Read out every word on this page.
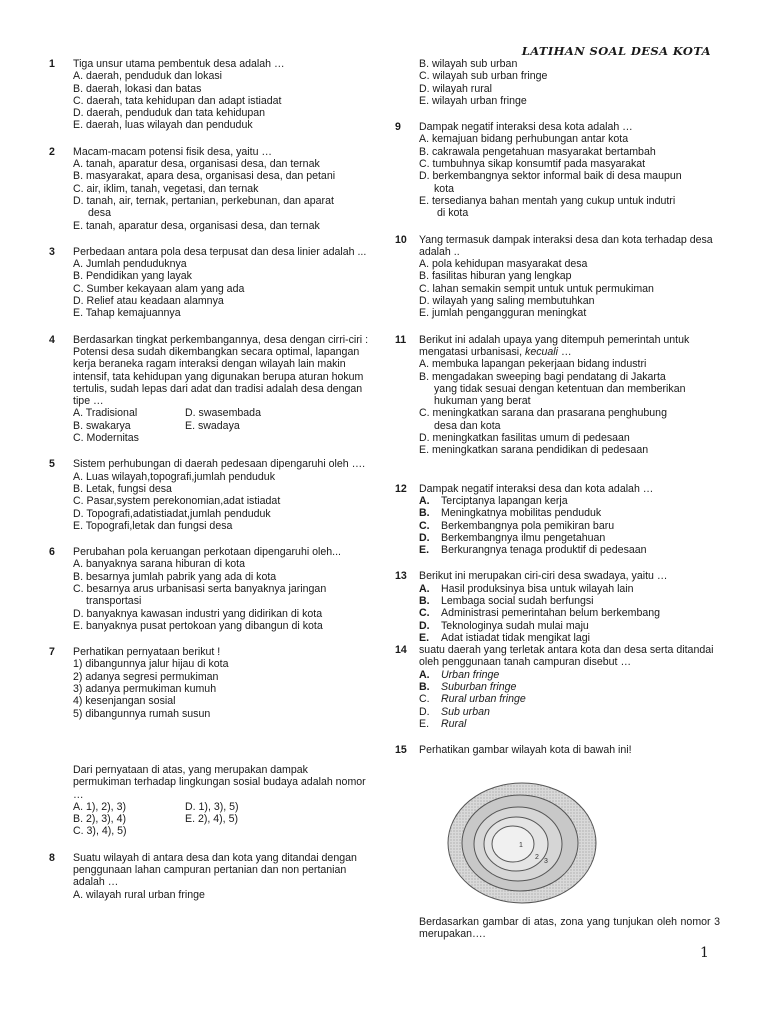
LATIHAN SOAL DESA KOTA
1 Tiga unsur utama pembentuk desa adalah …
A. daerah, penduduk dan lokasi
B. daerah, lokasi dan batas
C. daerah, tata kehidupan dan adapt istiadat
D. daerah, penduduk dan tata kehidupan
E. daerah, luas wilayah dan penduduk
2 Macam-macam potensi fisik desa, yaitu …
A. tanah, aparatur desa, organisasi desa, dan ternak
B. masyarakat, apara desa, organisasi desa, dan petani
C. air, iklim, tanah, vegetasi, dan ternak
D. tanah, air, ternak, pertanian, perkebunan, dan aparat
desa
E. tanah, aparatur desa, organisasi desa, dan ternak
3 Perbedaan antara pola desa terpusat dan desa linier adalah ...
A. Jumlah penduduknya
B. Pendidikan yang layak
C. Sumber kekayaan alam yang ada
D. Relief atau keadaan alamnya
E. Tahap kemajuannya
4 Berdasarkan tingkat perkembangannya, desa dengan cirri-ciri : Potensi desa sudah dikembangkan secara optimal, lapangan kerja beraneka ragam interaksi dengan wilayah lain makin intensif, tata kehidupan yang digunakan berupa aturan hokum tertulis, sudah lepas dari adat dan tradisi adalah desa dengan tipe …
A. Tradisional	D. swasembada
B. swakarya	E. swadaya
C. Modernitas
5 Sistem perhubungan di daerah pedesaan dipengaruhi oleh ….
A. Luas wilayah,topografi,jumlah penduduk
B. Letak, fungsi desa
C. Pasar,system perekonomian,adat istiadat
D. Topografi,adatistiadat,jumlah penduduk
E. Topografi,letak dan fungsi desa
6 Perubahan pola keruangan perkotaan dipengaruhi oleh...
A. banyaknya sarana hiburan di kota
B. besarnya jumlah pabrik yang ada di kota
C. besarnya arus urbanisasi serta banyaknya jaringan
transportasi
D. banyaknya kawasan industri yang didirikan di kota
E. banyaknya pusat pertokoan yang dibangun di kota
7 Perhatikan pernyataan berikut !
1) dibangunnya jalur hijau di kota
2) adanya segresi permukiman
3) adanya permukiman kumuh
4) kesenjangan sosial
5) dibangunnya rumah susun
Dari pernyataan di atas, yang merupakan dampak permukiman terhadap lingkungan sosial budaya adalah nomor …
A. 1), 2), 3)	D. 1), 3), 5)
B. 2), 3), 4)	E. 2), 4), 5)
C. 3), 4), 5)
8 Suatu wilayah di antara desa dan kota yang ditandai dengan penggunaan lahan campuran pertanian dan non pertanian adalah …
A. wilayah rural urban fringe
B. wilayah sub urban
C. wilayah sub urban fringe
D. wilayah rural
E. wilayah urban fringe
9 Dampak negatif interaksi desa kota adalah …
A. kemajuan bidang perhubungan antar kota
B. cakrawala pengetahuan masyarakat bertambah
C. tumbuhnya sikap konsumtif pada masyarakat
D. berkembangnya sektor informal baik di desa maupun
kota
E. tersedianya bahan mentah yang cukup untuk indutri
di kota
10 Yang termasuk dampak interaksi desa dan kota terhadap desa adalah ..
A. pola kehidupan masyarakat desa
B. fasilitas hiburan yang lengkap
C. lahan semakin sempit untuk untuk permukiman
D. wilayah yang saling membutuhkan
E. jumlah pengangguran meningkat
11 Berikut ini adalah upaya yang ditempuh pemerintah untuk mengatasi urbanisasi, kecuali …
A. membuka lapangan pekerjaan bidang industri
B. mengadakan sweeping bagi pendatang di Jakarta
yang tidak sesuai dengan ketentuan dan memberikan
hukuman yang berat
C. meningkatkan sarana dan prasarana penghubung
desa dan kota
D. meningkatkan fasilitas umum di pedesaan
E. meningkatkan sarana pendidikan di pedesaan
12 Dampak negatif interaksi desa dan kota adalah …
A. Terciptanya lapangan kerja
B. Meningkatnya mobilitas penduduk
C. Berkembangnya pola pemikiran baru
D. Berkembangnya ilmu pengetahuan
E. Berkurangnya tenaga produktif di pedesaan
13 Berikut ini merupakan ciri-ciri desa swadaya, yaitu …
A. Hasil produksinya bisa untuk wilayah lain
B. Lembaga social sudah berfungsi
C. Administrasi pemerintahan belum berkembang
D. Teknologinya sudah mulai maju
E. Adat istiadat tidak mengikat lagi
14 suatu daerah yang terletak antara kota dan desa serta ditandai oleh penggunaan tanah campuran disebut …
A. Urban fringe
B. Suburban fringe
C. Rural urban fringe
D. Sub urban
E. Rural
15 Perhatikan gambar wilayah kota di bawah ini!
1
2
3
Berdasarkan gambar di atas, zona yang tunjukan oleh nomor 3 merupakan….
1
